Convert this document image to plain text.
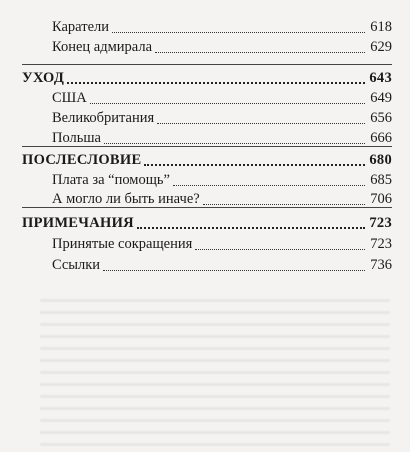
Каратели	618
Конец адмирала	629
УХОД	643
США	649
Великобритания	656
Польша	666
ПОСЛЕСЛОВИЕ	680
Плата за “помощь”	685
А могло ли быть иначе?	706
ПРИМЕЧАНИЯ	723
Принятые сокращения	723
Ссылки	736
